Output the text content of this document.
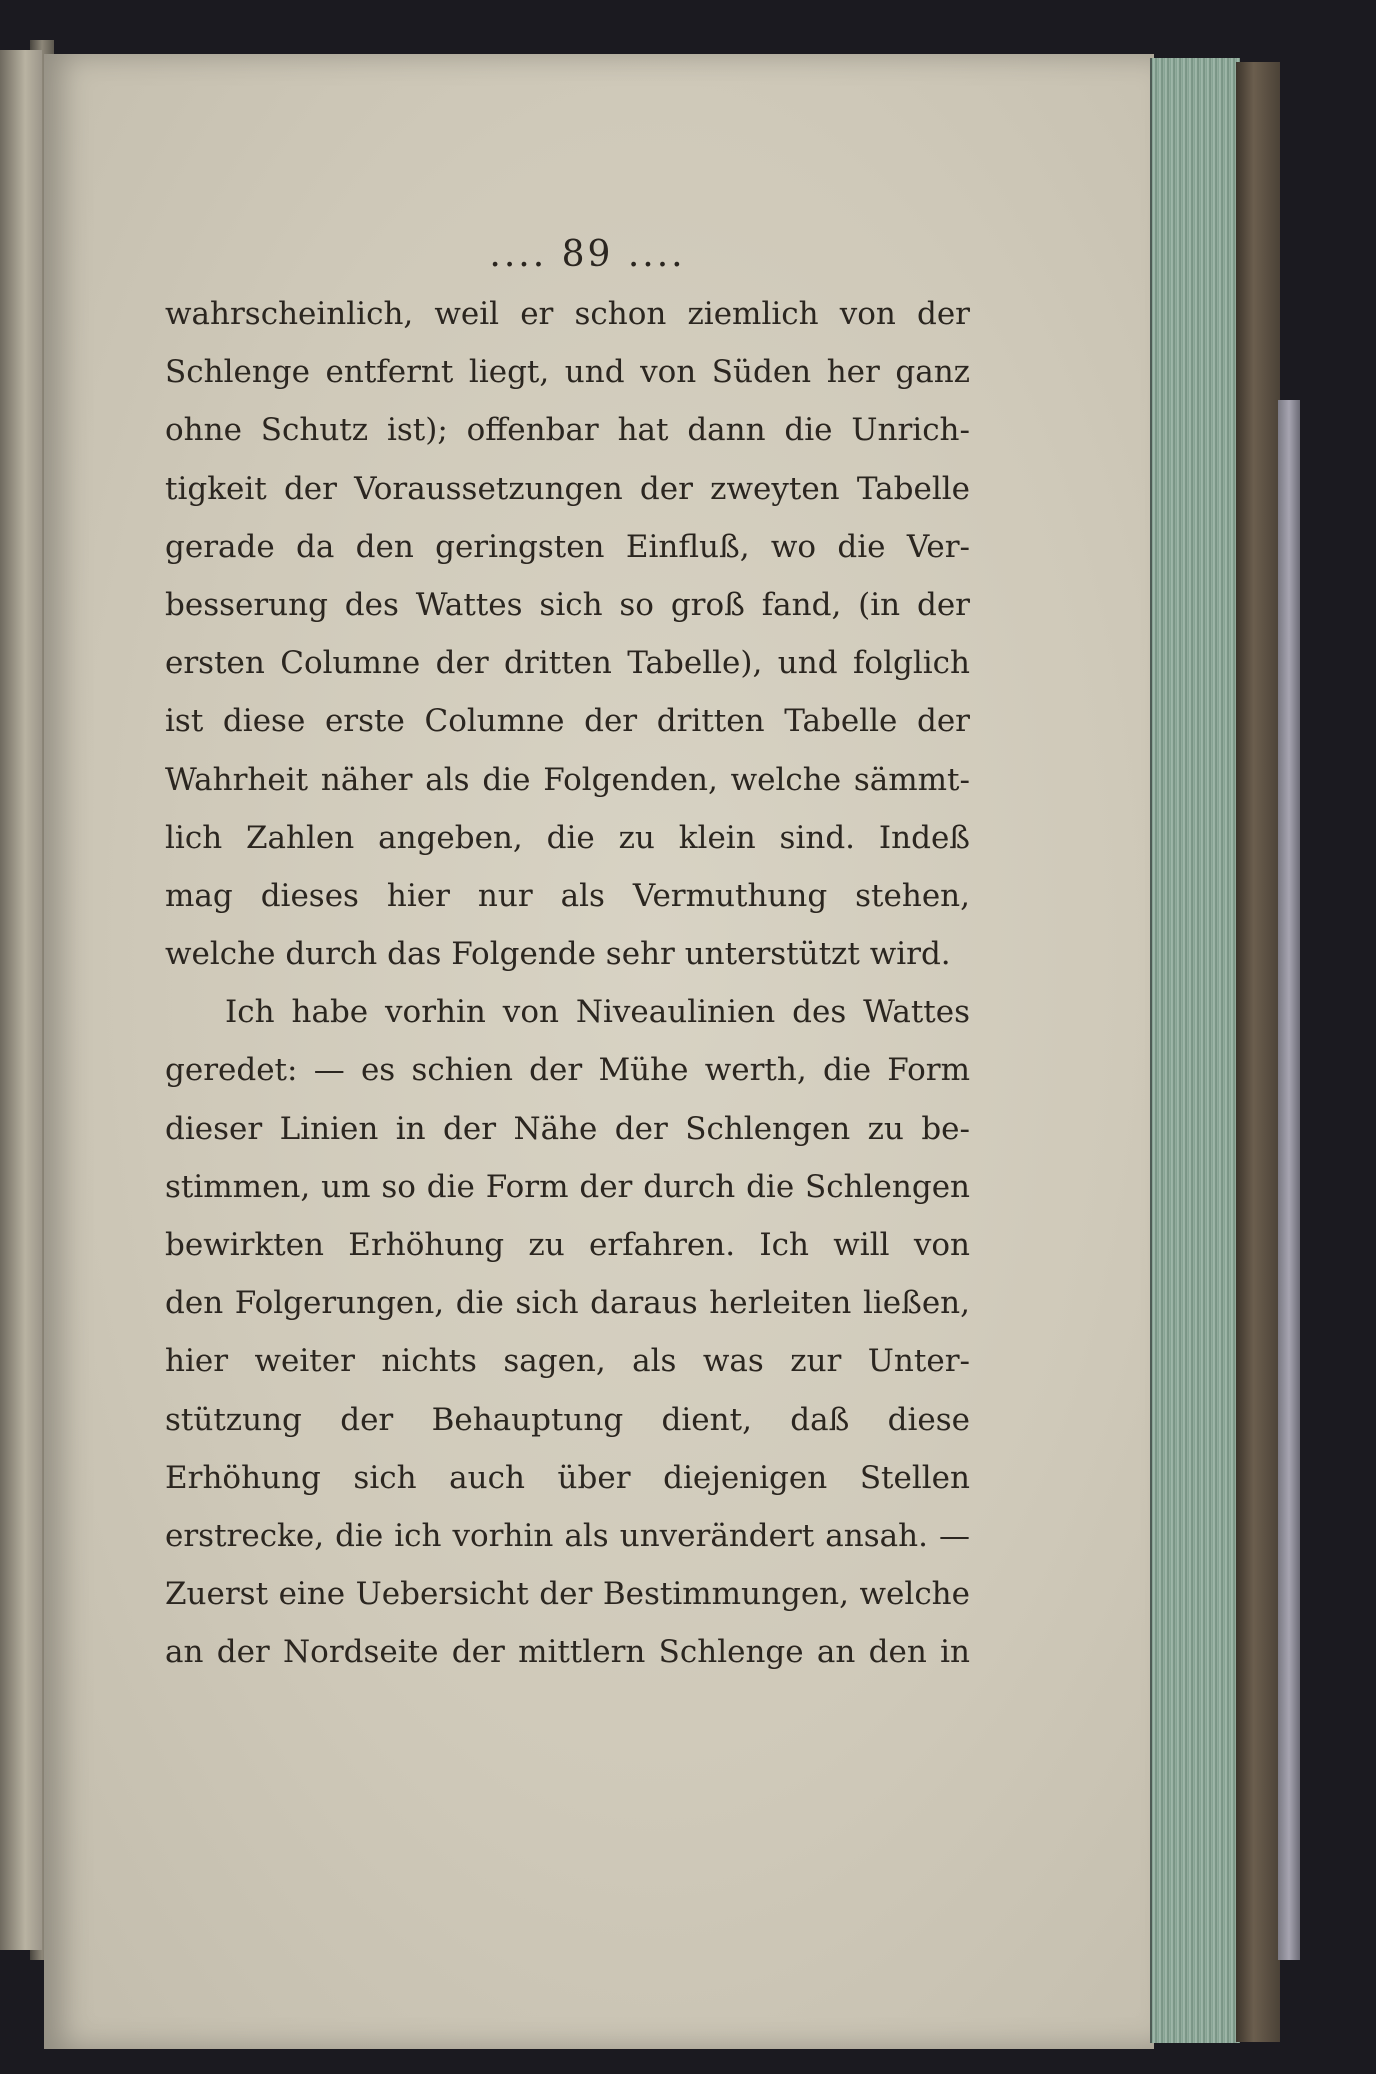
.... 89 ....
wahrscheinlich, weil er schon ziemlich von der
Schlenge entfernt liegt, und von Süden her ganz
ohne Schutz ist); offenbar hat dann die Unrich-
tigkeit der Voraussetzungen der zweyten Tabelle
gerade da den geringsten Einfluß, wo die Ver-
besserung des Wattes sich so groß fand, (in der
ersten Columne der dritten Tabelle), und folglich
ist diese erste Columne der dritten Tabelle der
Wahrheit näher als die Folgenden, welche sämmt-
lich Zahlen angeben, die zu klein sind. Indeß
mag dieses hier nur als Vermuthung stehen,
welche durch das Folgende sehr unterstützt wird.
Ich habe vorhin von Niveaulinien des Wattes
geredet: — es schien der Mühe werth, die Form
dieser Linien in der Nähe der Schlengen zu be-
stimmen, um so die Form der durch die Schlengen
bewirkten Erhöhung zu erfahren. Ich will von
den Folgerungen, die sich daraus herleiten ließen,
hier weiter nichts sagen, als was zur Unter-
stützung der Behauptung dient, daß diese
Erhöhung sich auch über diejenigen Stellen
erstrecke, die ich vorhin als unverändert ansah. —
Zuerst eine Uebersicht der Bestimmungen, welche
an der Nordseite der mittlern Schlenge an den in
